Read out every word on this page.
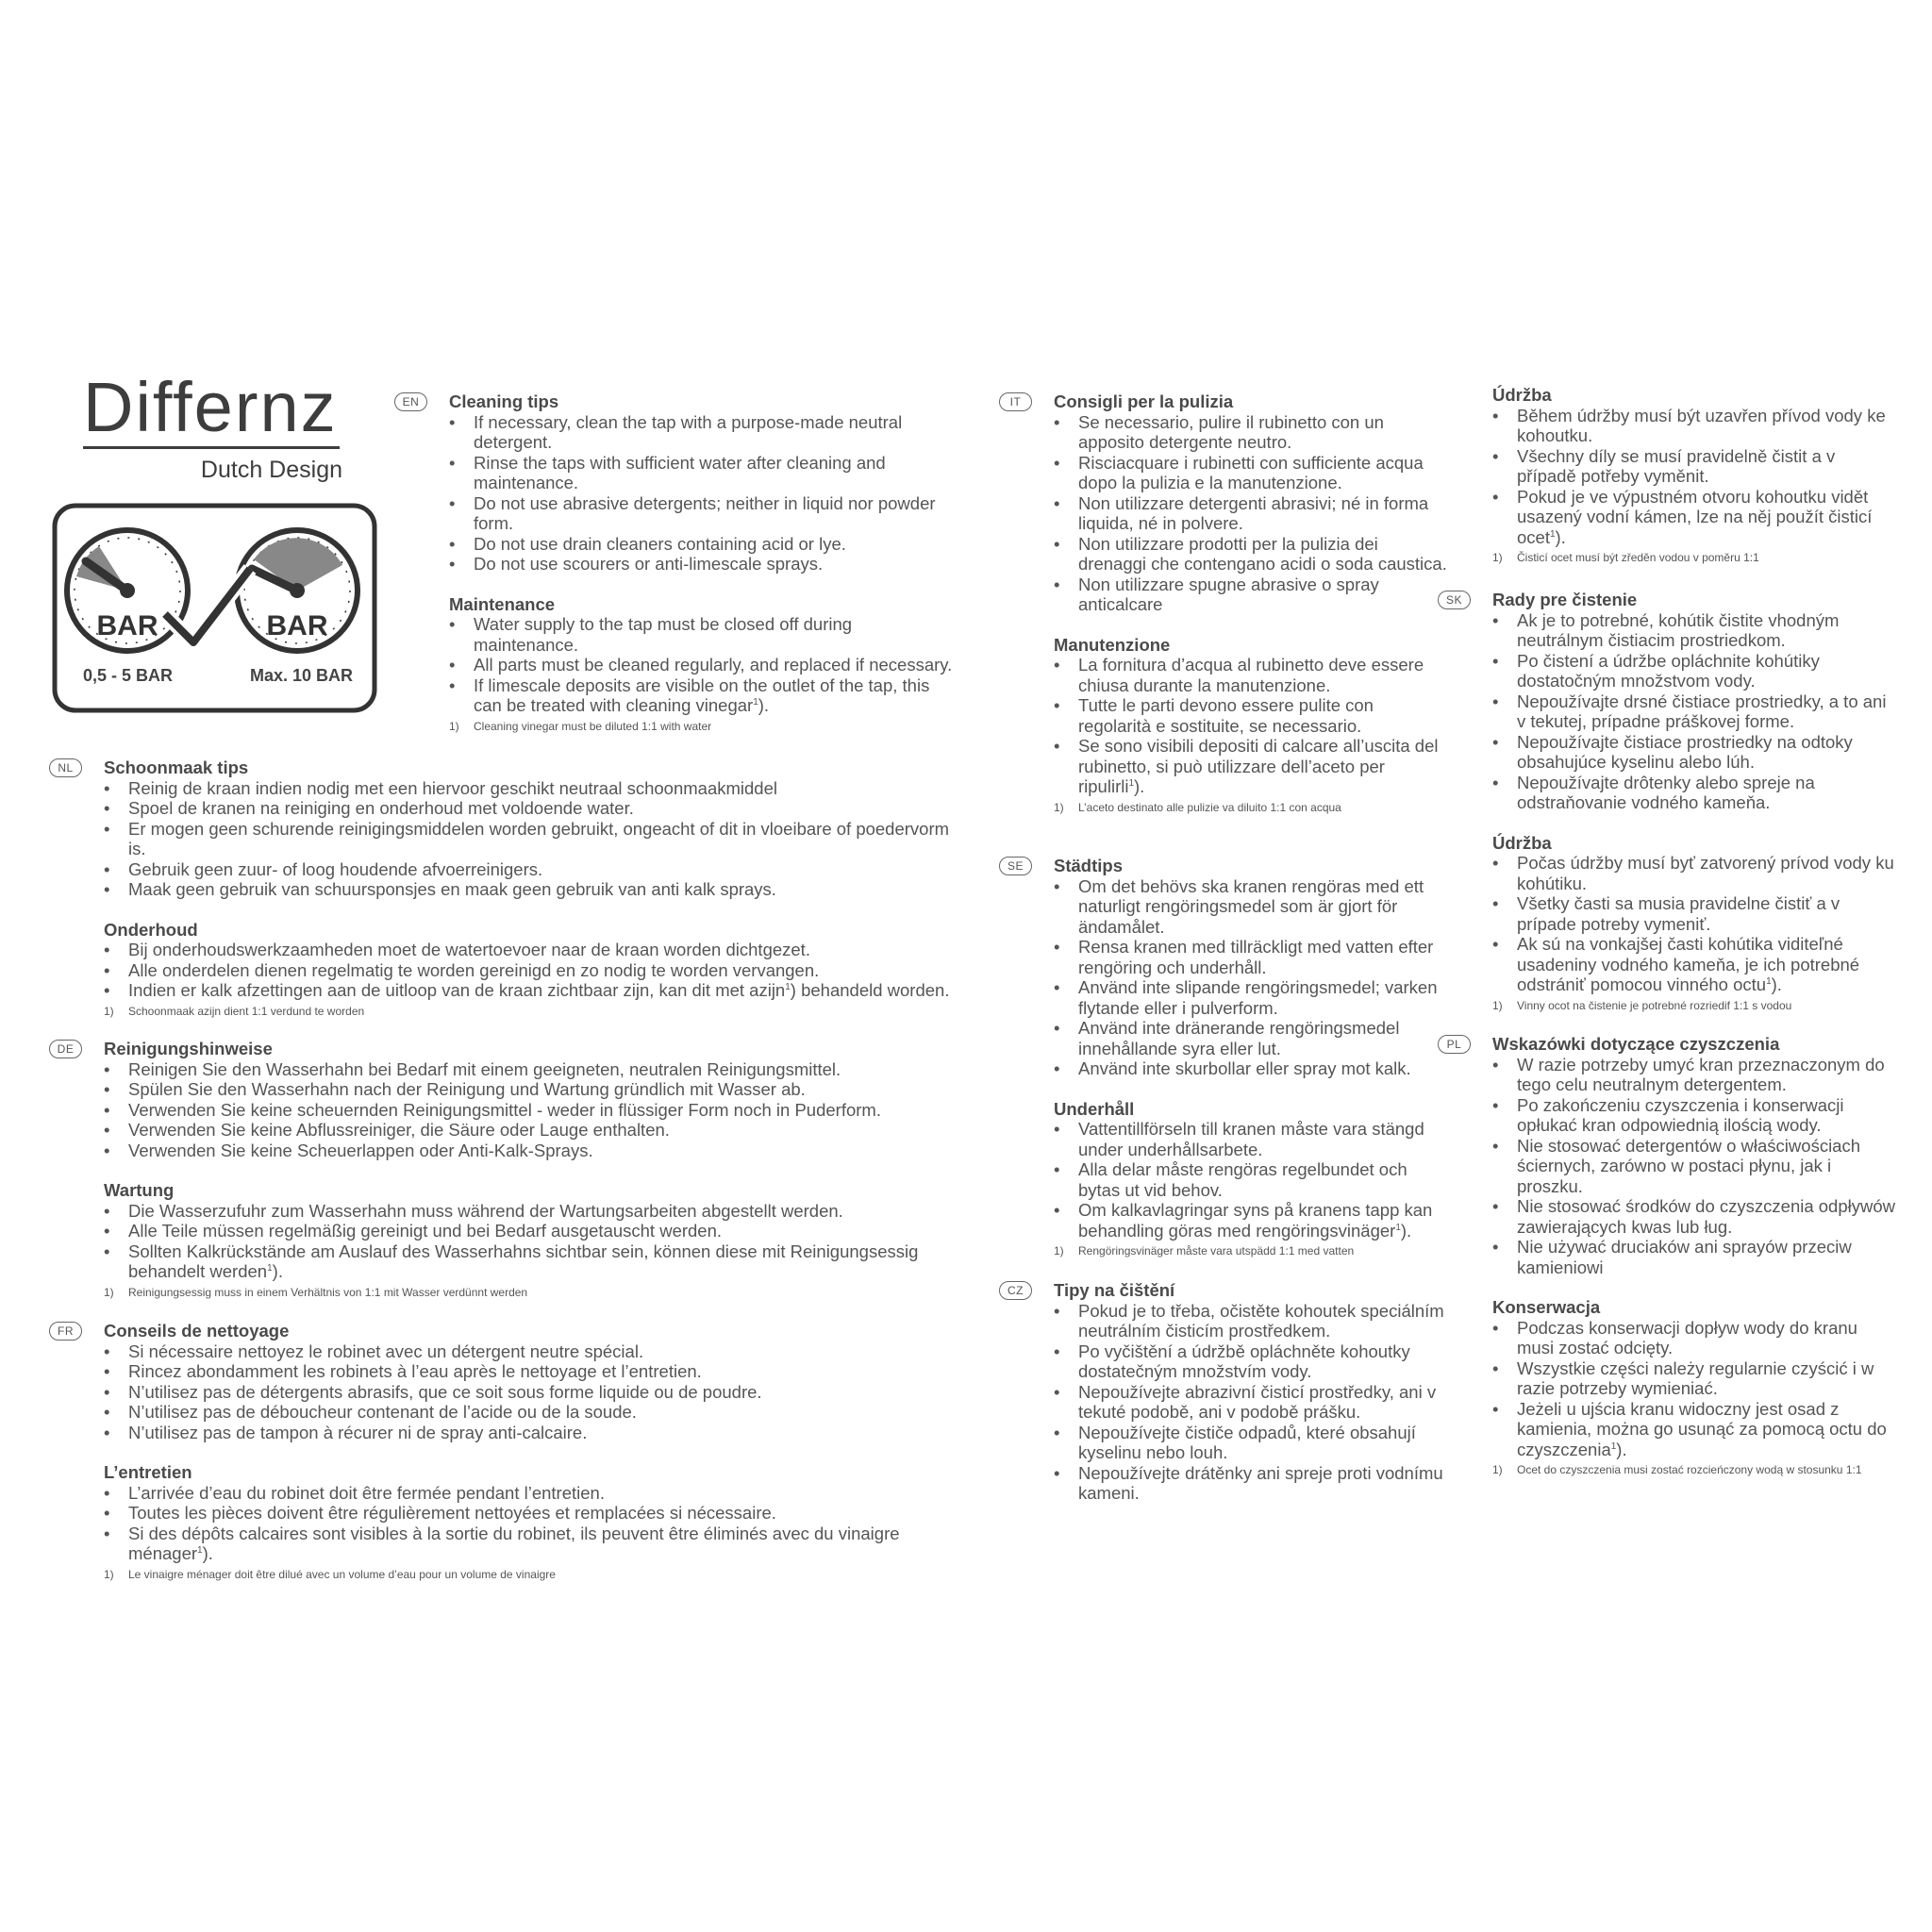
Differnz
Dutch Design
BAR	BAR
0,5 - 5 BAR	Max. 10 BAR
EN	Cleaning tips
• If necessary, clean the tap with a purpose-made neutral detergent.
• Rinse the taps with sufficient water after cleaning and maintenance.
• Do not use abrasive detergents; neither in liquid nor powder form.
• Do not use drain cleaners containing acid or lye.
• Do not use scourers or anti-limescale sprays.
Maintenance
• Water supply to the tap must be closed off during maintenance.
• All parts must be cleaned regularly, and replaced if necessary.
• If limescale deposits are visible on the outlet of the tap, this can be treated with cleaning vinegar$^1$).
1) Cleaning vinegar must be diluted 1:1 with water
NL	Schoonmaak tips
• Reinig de kraan indien nodig met een hiervoor geschikt neutraal schoonmaakmiddel
• Spoel de kranen na reiniging en onderhoud met voldoende water.
• Er mogen geen schurende reinigingsmiddelen worden gebruikt, ongeacht of dit in vloeibare of poedervorm is.
• Gebruik geen zuur- of loog houdende afvoerreinigers.
• Maak geen gebruik van schuursponsjes en maak geen gebruik van anti kalk sprays.
Onderhoud
• Bij onderhoudswerkzaamheden moet de watertoevoer naar de kraan worden dichtgezet.
• Alle onderdelen dienen regelmatig te worden gereinigd en zo nodig te worden vervangen.
• Indien er kalk afzettingen aan de uitloop van de kraan zichtbaar zijn, kan dit met azijn$^1$) behandeld worden.
1) Schoonmaak azijn dient 1:1 verdund te worden
DE	Reinigungshinweise
• Reinigen Sie den Wasserhahn bei Bedarf mit einem geeigneten, neutralen Reinigungsmittel.
• Spülen Sie den Wasserhahn nach der Reinigung und Wartung gründlich mit Wasser ab.
• Verwenden Sie keine scheuernden Reinigungsmittel - weder in flüssiger Form noch in Puderform.
• Verwenden Sie keine Abflussreiniger, die Säure oder Lauge enthalten.
• Verwenden Sie keine Scheuerlappen oder Anti-Kalk-Sprays.
Wartung
• Die Wasserzufuhr zum Wasserhahn muss während der Wartungsarbeiten abgestellt werden.
• Alle Teile müssen regelmäßig gereinigt und bei Bedarf ausgetauscht werden.
• Sollten Kalkrückstände am Auslauf des Wasserhahns sichtbar sein, können diese mit Reinigungsessig behandelt werden$^1$).
1) Reinigungsessig muss in einem Verhältnis von 1:1 mit Wasser verdünnt werden
FR	Conseils de nettoyage
• Si nécessaire nettoyez le robinet avec un détergent neutre spécial.
• Rincez abondamment les robinets à l’eau après le nettoyage et l’entretien.
• N’utilisez pas de détergents abrasifs, que ce soit sous forme liquide ou de poudre.
• N’utilisez pas de déboucheur contenant de l’acide ou de la soude.
• N’utilisez pas de tampon à récurer ni de spray anti-calcaire.
L’entretien
• L’arrivée d’eau du robinet doit être fermée pendant l’entretien.
• Toutes les pièces doivent être régulièrement nettoyées et remplacées si nécessaire.
• Si des dépôts calcaires sont visibles à la sortie du robinet, ils peuvent être éliminés avec du vinaigre ménager$^1$).
1) Le vinaigre ménager doit être dilué avec un volume d’eau pour un volume de vinaigre
IT	Consigli per la pulizia
• Se necessario, pulire il rubinetto con un apposito detergente neutro.
• Risciacquare i rubinetti con sufficiente acqua dopo la pulizia e la manutenzione.
• Non utilizzare detergenti abrasivi; né in forma liquida, né in polvere.
• Non utilizzare prodotti per la pulizia dei drenaggi che contengano acidi o soda caustica.
• Non utilizzare spugne abrasive o spray anticalcare
Manutenzione
• La fornitura d’acqua al rubinetto deve essere chiusa durante la manutenzione.
• Tutte le parti devono essere pulite con regolarità e sostituite, se necessario.
• Se sono visibili depositi di calcare all’uscita del rubinetto, si può utilizzare dell’aceto per ripulirli$^1$).
1) L’aceto destinato alle pulizie va diluito 1:1 con acqua
SE	Städtips
• Om det behövs ska kranen rengöras med ett naturligt rengöringsmedel som är gjort för ändamålet.
• Rensa kranen med tillräckligt med vatten efter rengöring och underhåll.
• Använd inte slipande rengöringsmedel; varken flytande eller i pulverform.
• Använd inte dränerande rengöringsmedel innehållande syra eller lut.
• Använd inte skurbollar eller spray mot kalk.
Underhåll
• Vattentillförseln till kranen måste vara stängd under underhållsarbete.
• Alla delar måste rengöras regelbundet och bytas ut vid behov.
• Om kalkavlagringar syns på kranens tapp kan behandling göras med rengöringsvinäger$^1$).
1) Rengöringsvinäger måste vara utspädd 1:1 med vatten
CZ	Tipy na čištění
• Pokud je to třeba, očistěte kohoutek speciálním neutrálním čisticím prostředkem.
• Po vyčištění a údržbě opláchněte kohoutky dostatečným množstvím vody.
• Nepoužívejte abrazivní čisticí prostředky, ani v tekuté podobě, ani v podobě prášku.
• Nepoužívejte čističe odpadů, které obsahují kyselinu nebo louh.
• Nepoužívejte drátěnky ani spreje proti vodnímu kameni.
Údržba
• Během údržby musí být uzavřen přívod vody ke kohoutku.
• Všechny díly se musí pravidelně čistit a v případě potřeby vyměnit.
• Pokud je ve výpustném otvoru kohoutku vidět usazený vodní kámen, lze na něj použít čisticí ocet$^1$).
1) Čisticí ocet musí být zředěn vodou v poměru 1:1
SK	Rady pre čistenie
• Ak je to potrebné, kohútik čistite vhodným neutrálnym čistiacim prostriedkom.
• Po čistení a údržbe opláchnite kohútiky dostatočným množstvom vody.
• Nepoužívajte drsné čistiace prostriedky, a to ani v tekutej, prípadne práškovej forme.
• Nepoužívajte čistiace prostriedky na odtoky obsahujúce kyselinu alebo lúh.
• Nepoužívajte drôtenky alebo spreje na odstraňovanie vodného kameňa.
Údržba
• Počas údržby musí byť zatvorený prívod vody ku kohútiku.
• Všetky časti sa musia pravidelne čistiť a v prípade potreby vymeniť.
• Ak sú na vonkajšej časti kohútika viditeľné usadeniny vodného kameňa, je ich potrebné odstrániť pomocou vinného octu$^1$).
1) Vinny ocot na čistenie je potrebné rozriedif 1:1 s vodou
PL	Wskazówki dotyczące czyszczenia
• W razie potrzeby umyć kran przeznaczonym do tego celu neutralnym detergentem.
• Po zakończeniu czyszczenia i konserwacji opłukać kran odpowiednią ilością wody.
• Nie stosować detergentów o właściwościach ściernych, zarówno w postaci płynu, jak i proszku.
• Nie stosować środków do czyszczenia odpływów zawierających kwas lub ług.
• Nie używać druciaków ani sprayów przeciw kamieniowi
Konserwacja
• Podczas konserwacji dopływ wody do kranu musi zostać odcięty.
• Wszystkie części należy regularnie czyścić i w razie potrzeby wymieniać.
• Jeżeli u ujścia kranu widoczny jest osad z kamienia, można go usunąć za pomocą octu do czyszczenia$^1$).
1) Ocet do czyszczenia musi zostać rozcieńczony wodą w stosunku 1:1
